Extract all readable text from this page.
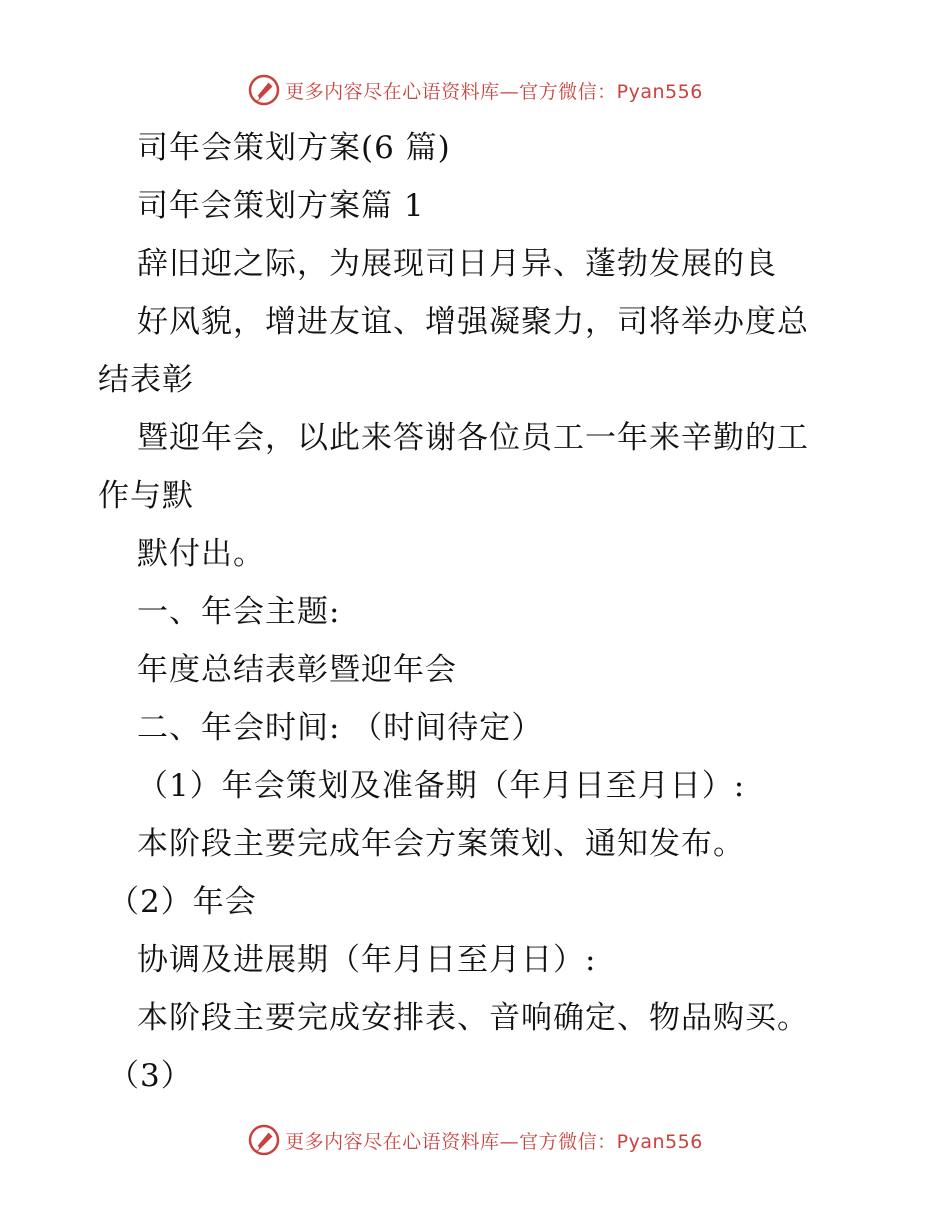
更多内容尽在心语资料库—官方微信：Pyan556
司年会策划方案(6 篇)
司年会策划方案篇 1
辞旧迎之际，为展现司日月异、蓬勃发展的良
好风貌，增进友谊、增强凝聚力，司将举办度总
结表彰
暨迎年会，以此来答谢各位员工一年来辛勤的工
作与默
默付出。
一、年会主题:
年度总结表彰暨迎年会
二、年会时间: （时间待定）
（1）年会策划及准备期（年月日至月日）:
本阶段主要完成年会方案策划、通知发布。
（2）年会
协调及进展期（年月日至月日）:
本阶段主要完成安排表、音响确定、物品购买。
（3）
更多内容尽在心语资料库—官方微信：Pyan556
